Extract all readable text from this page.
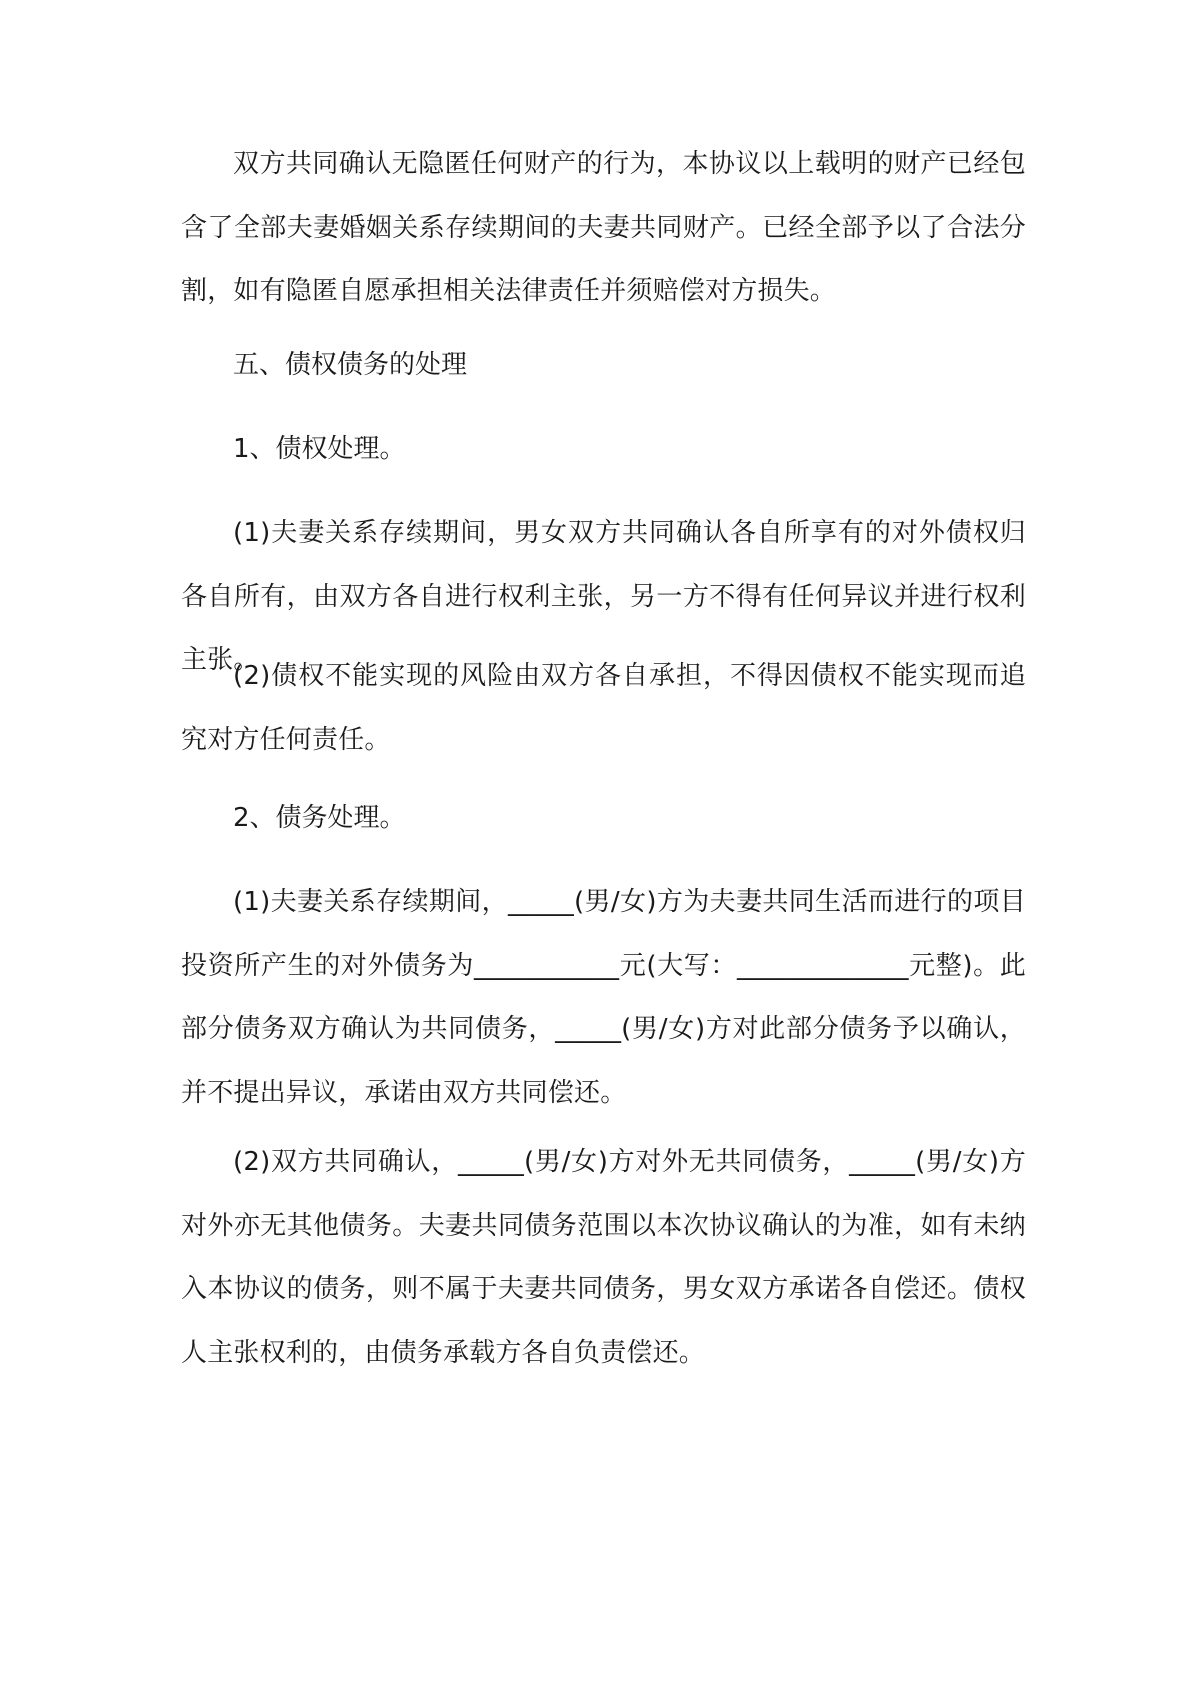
双方共同确认无隐匿任何财产的行为，本协议以上载明的财产已经包含了全部夫妻婚姻关系存续期间的夫妻共同财产。已经全部予以了合法分割，如有隐匿自愿承担相关法律责任并须赔偿对方损失。

五、债权债务的处理

1、债权处理。

(1)夫妻关系存续期间，男女双方共同确认各自所享有的对外债权归各自所有，由双方各自进行权利主张，另一方不得有任何异议并进行权利主张。

(2)债权不能实现的风险由双方各自承担，不得因债权不能实现而追究对方任何责任。

2、债务处理。

(1)夫妻关系存续期间，_____(男/女)方为夫妻共同生活而进行的项目投资所产生的对外债务为___________元(大写：_____________元整)。此部分债务双方确认为共同债务，_____(男/女)方对此部分债务予以确认，并不提出异议，承诺由双方共同偿还。

(2)双方共同确认，_____(男/女)方对外无共同债务，_____(男/女)方对外亦无其他债务。夫妻共同债务范围以本次协议确认的为准，如有未纳入本协议的债务，则不属于夫妻共同债务，男女双方承诺各自偿还。债权人主张权利的，由债务承载方各自负责偿还。
